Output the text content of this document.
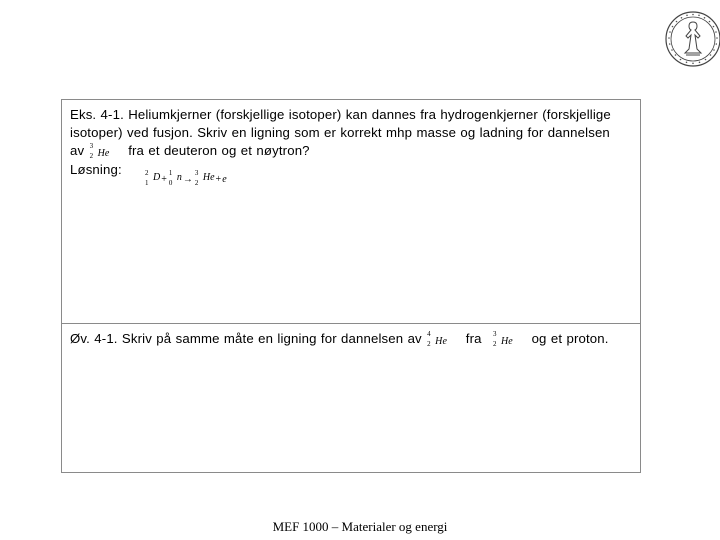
Eks. 4-1. Heliumkjerner (forskjellige isotoper) kan dannes fra hydrogenkjerner (forskjellige
isotoper) ved fusjon. Skriv en ligning som er korrekt mhp masse og ladning for dannelsen
av 3
2 He fra et deuteron og et nøytron?
Løsning:	2
1 D+
1
0 n→
3
2 He+e
Øv. 4-1. Skriv på samme måte en ligning for dannelsen av 4
2 He fra 3
2 He og et proton.
MEF 1000 – Materialer og energi
